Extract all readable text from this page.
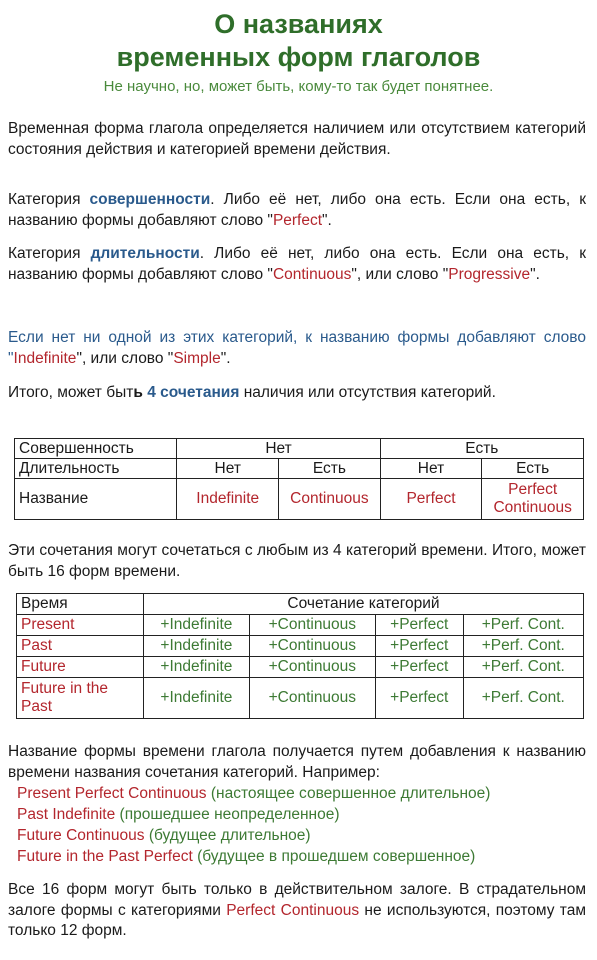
О названиях
временных форм глаголов

Не научно, но, может быть, кому-то так будет понятнее.

Временная форма глагола определяется наличием или отсутствием категорий состояния действия и категорией времени действия.
Категория совершенности. Либо её нет, либо она есть. Если она есть, к названию формы добавляют слово "Perfect".
Категория длительности. Либо её нет, либо она есть. Если она есть, к названию формы добавляют слово "Continuous", или слово "Progressive".
Если нет ни одной из этих категорий, к названию формы добавляют слово "Indefinite", или слово "Simple".
Итого, может быть 4 сочетания наличия или отсутствия категорий.
Совершенность	Нет		Есть	
Длительность	Нет	Есть	Нет	Есть
Название	Indefinite	Continuous	Perfect	Perfect
Continuous
Эти сочетания могут сочетаться с любым из 4 категорий времени. Итого, может быть 16 форм времени.
Время	Сочетание категорий			
Present	+Indefinite	+Continuous	+Perfect	+Perf. Cont.
Past	+Indefinite	+Continuous	+Perfect	+Perf. Cont.
Future	+Indefinite	+Continuous	+Perfect	+Perf. Cont.
Future in the Past	+Indefinite	+Continuous	+Perfect	+Perf. Cont.
Название формы времени глагола получается путем добавления к названию времени названия сочетания категорий. Например:
Present Perfect Continuous (настоящее совершенное длительное)
Past Indefinite (прошедшее неопределенное)
Future Continuous (будущее длительное)
Future in the Past Perfect (будущее в прошедшем совершенное)
Все 16 форм могут быть только в действительном залоге. В страдательном залоге формы с категориями Perfect Continuous не используются, поэтому там только 12 форм.
